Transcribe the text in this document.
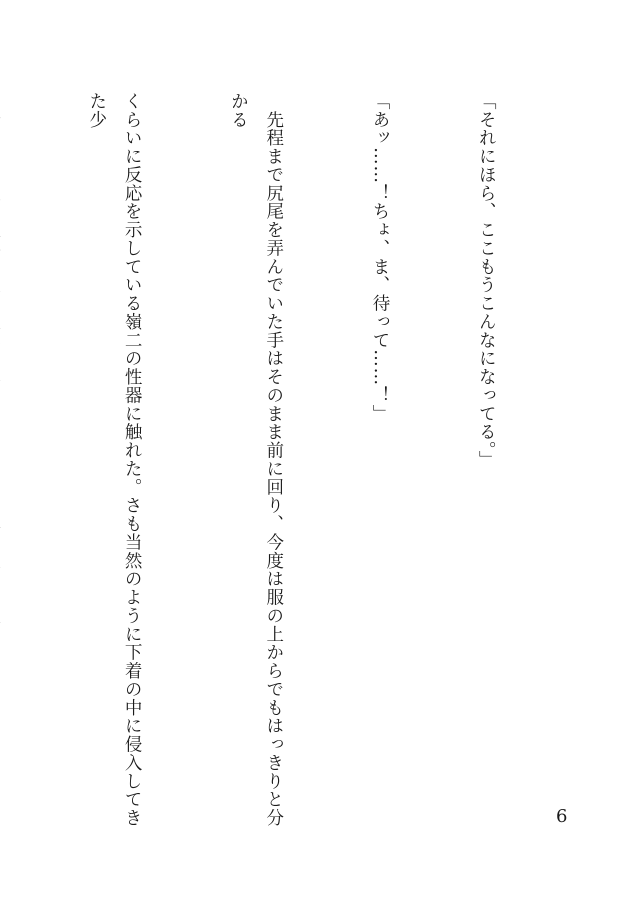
「それにほら、ここもうこんなになってる。」

「あッ……！ちょ、ま、待って……！」

　先程まで尻尾を弄んでいた手はそのまま前に回り、今度は服の上からでもはっきりと分かる

くらいに反応を示している嶺二の性器に触れた。さも当然のように下着の中に侵入してきた少

6
